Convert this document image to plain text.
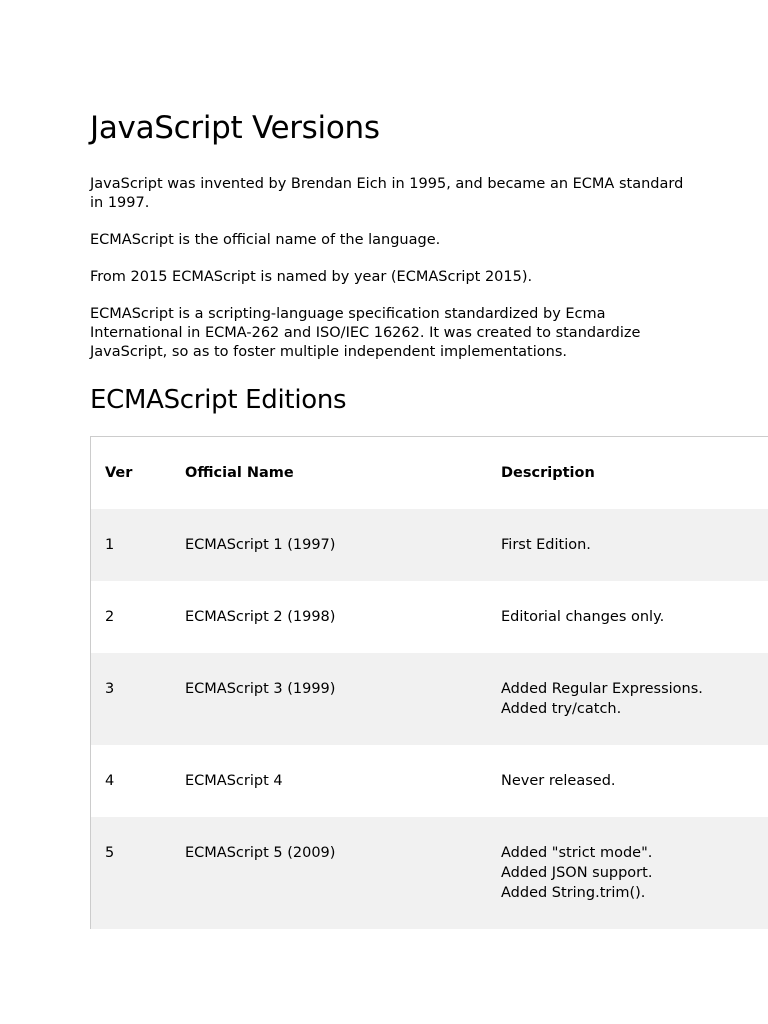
JavaScript Versions

JavaScript was invented by Brendan Eich in 1995, and became an ECMA standard in 1997.

ECMAScript is the official name of the language.

From 2015 ECMAScript is named by year (ECMAScript 2015).

ECMAScript is a scripting-language specification standardized by Ecma International in ECMA-262 and ISO/IEC 16262. It was created to standardize JavaScript, so as to foster multiple independent implementations.

ECMAScript Editions
Ver	Official Name	Description
1	ECMAScript 1 (1997)	First Edition.

2	ECMAScript 2 (1998)	Editorial changes only.

3	ECMAScript 3 (1999)	Added Regular Expressions.
Added try/catch.

4	ECMAScript 4	Never released.

5	ECMAScript 5 (2009)	Added "strict mode".
Added JSON support.
Added String.trim().
